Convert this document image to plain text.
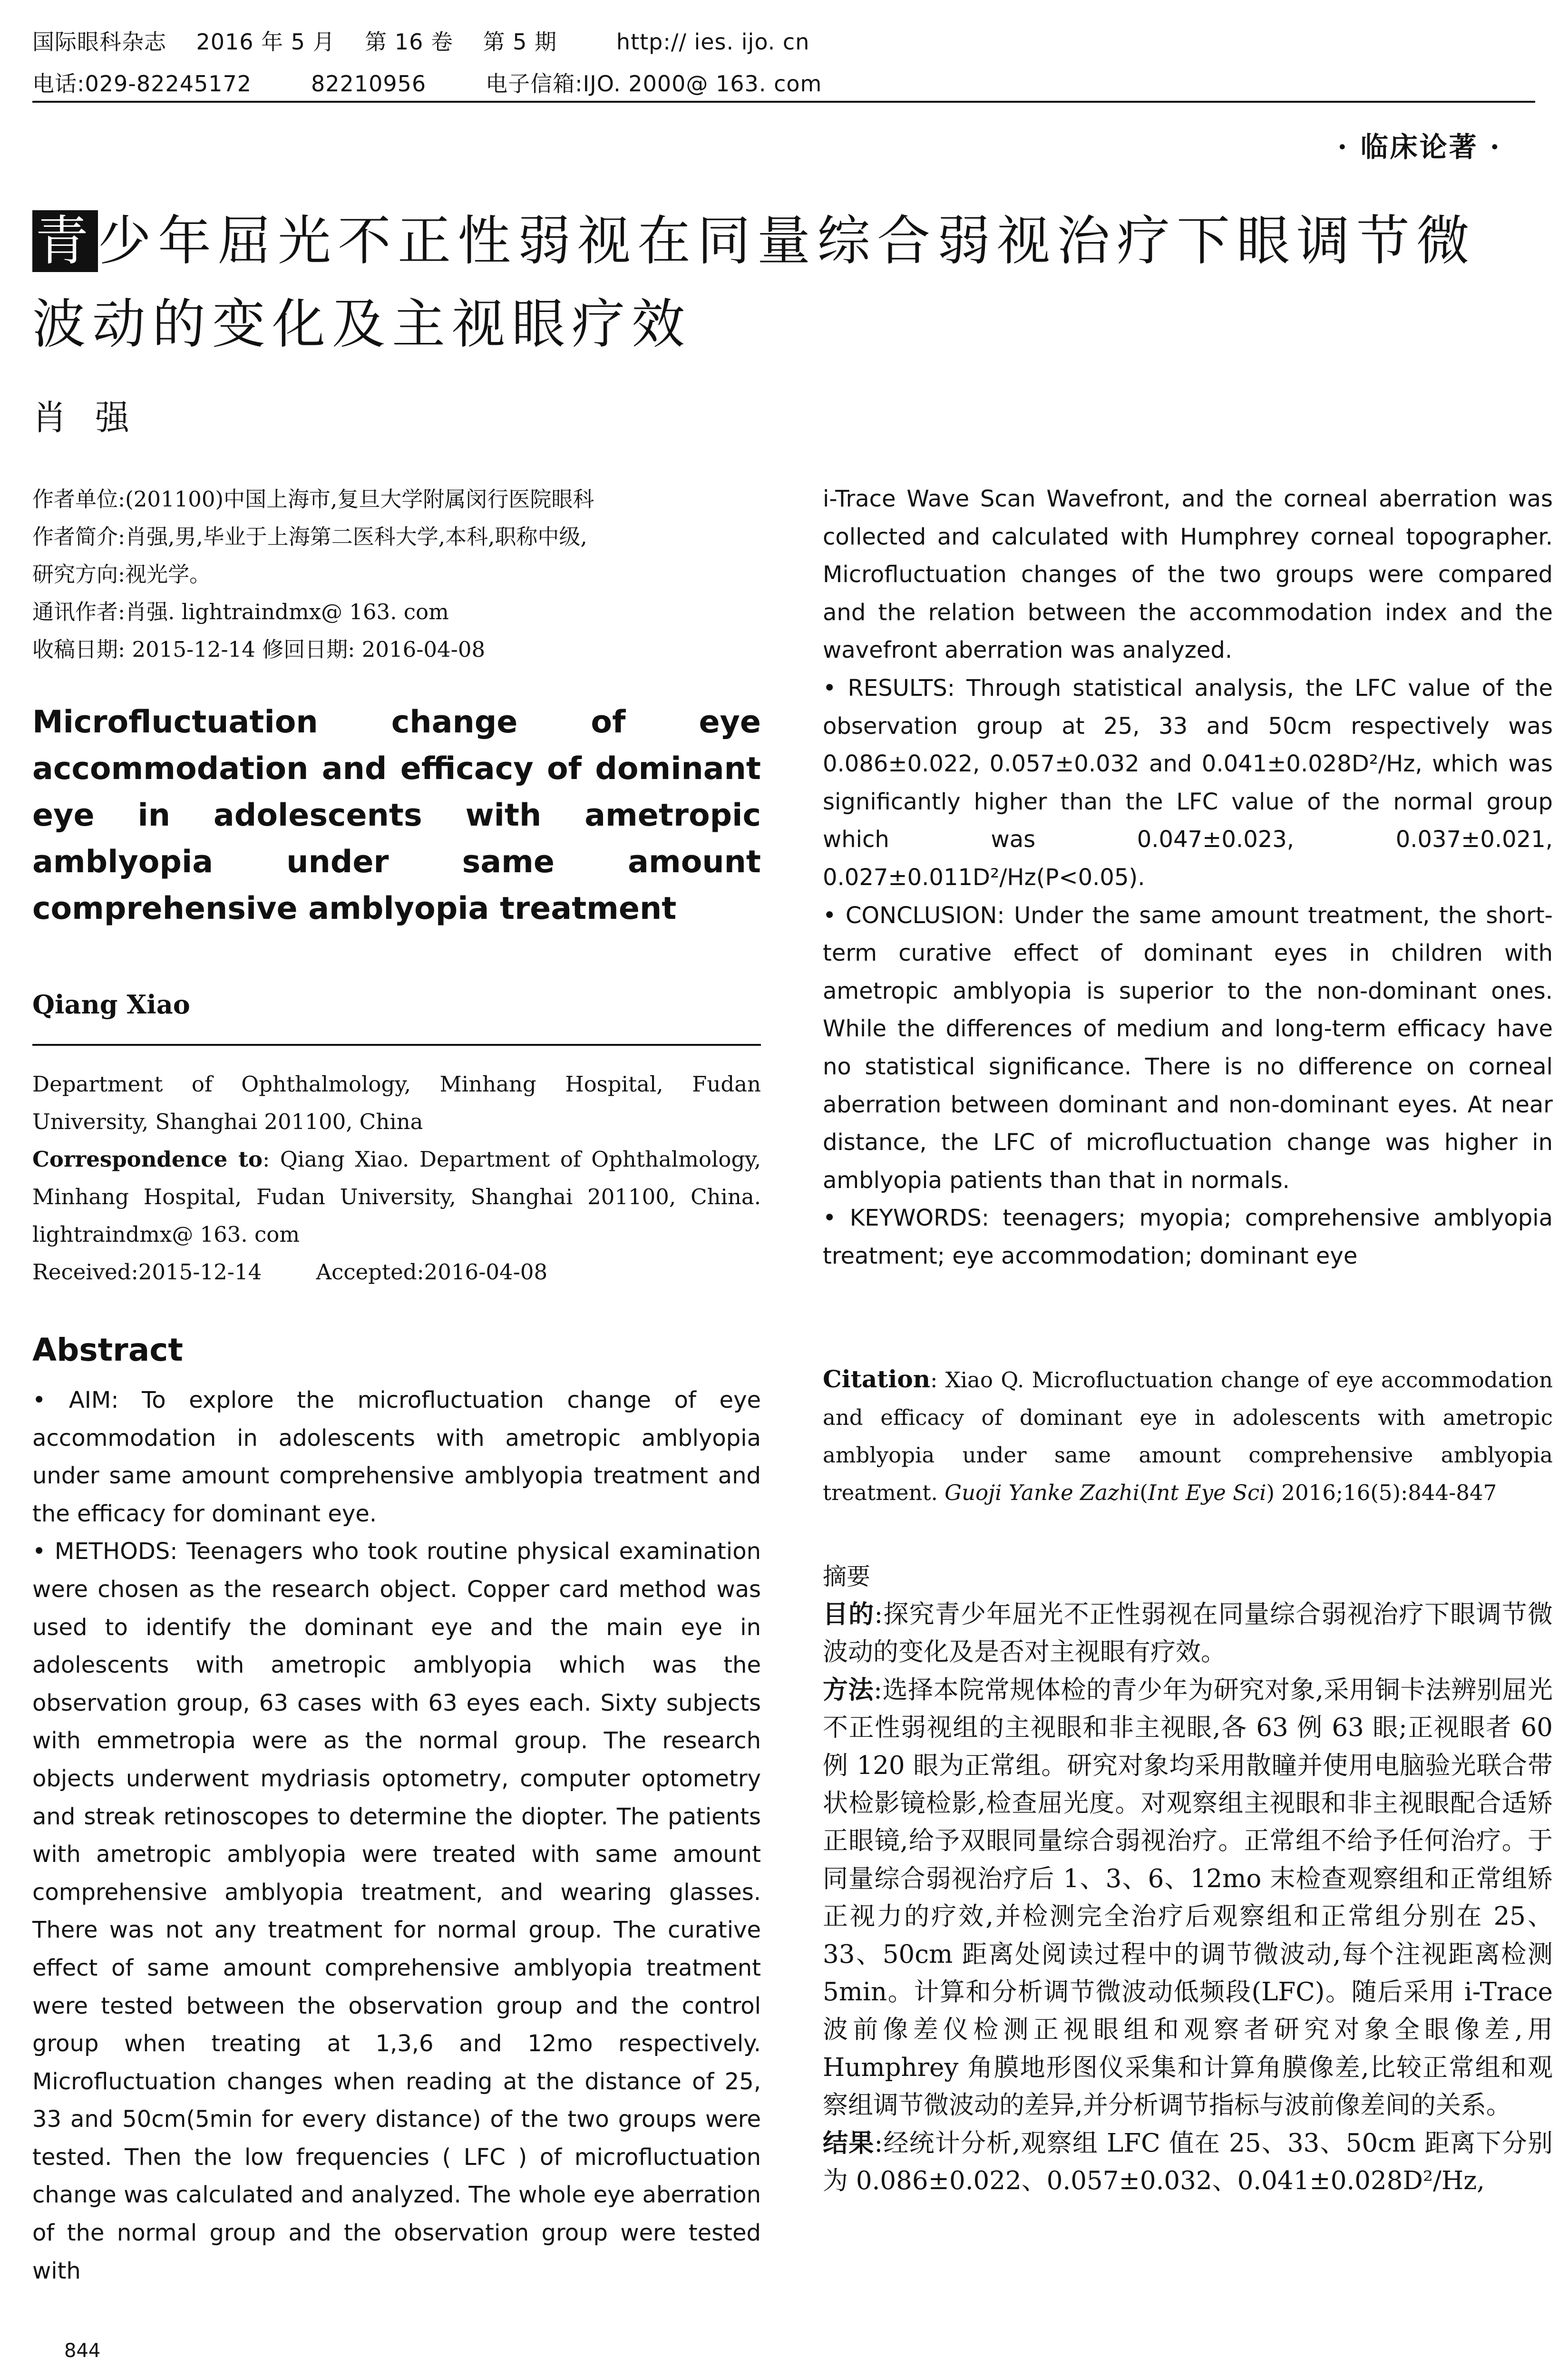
国际眼科杂志    2016 年 5 月    第 16 卷    第 5 期        http:// ies. ijo. cn
电话:029-82245172        82210956        电子信箱:IJO. 2000@ 163. com
· 临床论著 ·
青少年屈光不正性弱视在同量综合弱视治疗下眼调节微波动的变化及主视眼疗效
肖强
作者单位:(201100)中国上海市,复旦大学附属闵行医院眼科
作者简介:肖强,男,毕业于上海第二医科大学,本科,职称中级,
研究方向:视光学。
通讯作者:肖强. lightraindmx@ 163. com
收稿日期: 2015-12-14 修回日期: 2016-04-08
Microfluctuation change of eye accommodation and efficacy of dominant eye in adolescents with ametropic amblyopia under same amount comprehensive amblyopia treatment
Qiang Xiao
Department of Ophthalmology, Minhang Hospital, Fudan University, Shanghai 201100, China
Correspondence to: Qiang Xiao. Department of Ophthalmology, Minhang Hospital, Fudan University, Shanghai 201100, China. lightraindmx@ 163. com
Received:2015-12-14        Accepted:2016-04-08
Abstract

• AIM: To explore the microfluctuation change of eye accommodation in adolescents with ametropic amblyopia under same amount comprehensive amblyopia treatment and the efficacy for dominant eye.

• METHODS: Teenagers who took routine physical examination were chosen as the research object. Copper card method was used to identify the dominant eye and the main eye in adolescents with ametropic amblyopia which was the observation group, 63 cases with 63 eyes each. Sixty subjects with emmetropia were as the normal group. The research objects underwent mydriasis optometry, computer optometry and streak retinoscopes to determine the diopter. The patients with ametropic amblyopia were treated with same amount comprehensive amblyopia treatment, and wearing glasses. There was not any treatment for normal group. The curative effect of same amount comprehensive amblyopia treatment were tested between the observation group and the control group when treating at 1,3,6 and 12mo respectively. Microfluctuation changes when reading at the distance of 25, 33 and 50cm(5min for every distance) of the two groups were tested. Then the low frequencies ( LFC ) of microfluctuation change was calculated and analyzed. The whole eye aberration of the normal group and the observation group were tested with

844

i-Trace Wave Scan Wavefront, and the corneal aberration was collected and calculated with Humphrey corneal topographer. Microfluctuation changes of the two groups were compared and the relation between the accommodation index and the wavefront aberration was analyzed.

• RESULTS: Through statistical analysis, the LFC value of the observation group at 25, 33 and 50cm respectively was 0.086±0.022, 0.057±0.032 and 0.041±0.028D²/Hz, which was significantly higher than the LFC value of the normal group which was 0.047±0.023, 0.037±0.021, 0.027±0.011D²/Hz(P<0.05).

• CONCLUSION: Under the same amount treatment, the short-term curative effect of dominant eyes in children with ametropic amblyopia is superior to the non-dominant ones. While the differences of medium and long-term efficacy have no statistical significance. There is no difference on corneal aberration between dominant and non-dominant eyes. At near distance, the LFC of microfluctuation change was higher in amblyopia patients than that in normals.

• KEYWORDS: teenagers; myopia; comprehensive amblyopia treatment; eye accommodation; dominant eye

Citation: Xiao Q. Microfluctuation change of eye accommodation and efficacy of dominant eye in adolescents with ametropic amblyopia under same amount comprehensive amblyopia treatment. Guoji Yanke Zazhi(Int Eye Sci) 2016;16(5):844-847
摘要

目的:探究青少年屈光不正性弱视在同量综合弱视治疗下眼调节微波动的变化及是否对主视眼有疗效。

方法:选择本院常规体检的青少年为研究对象,采用铜卡法辨别屈光不正性弱视组的主视眼和非主视眼,各 63 例 63 眼;正视眼者 60 例 120 眼为正常组。研究对象均采用散瞳并使用电脑验光联合带状检影镜检影,检查屈光度。对观察组主视眼和非主视眼配合适矫正眼镜,给予双眼同量综合弱视治疗。正常组不给予任何治疗。于同量综合弱视治疗后 1、3、6、12mo 末检查观察组和正常组矫正视力的疗效,并检测完全治疗后观察组和正常组分别在 25、33、50cm 距离处阅读过程中的调节微波动,每个注视距离检测 5min。计算和分析调节微波动低频段(LFC)。随后采用 i-Trace 波前像差仪检测正视眼组和观察者研究对象全眼像差,用 Humphrey 角膜地形图仪采集和计算角膜像差,比较正常组和观察组调节微波动的差异,并分析调节指标与波前像差间的关系。

结果:经统计分析,观察组 LFC 值在 25、33、50cm 距离下分别为 0.086±0.022、0.057±0.032、0.041±0.028D²/Hz,
